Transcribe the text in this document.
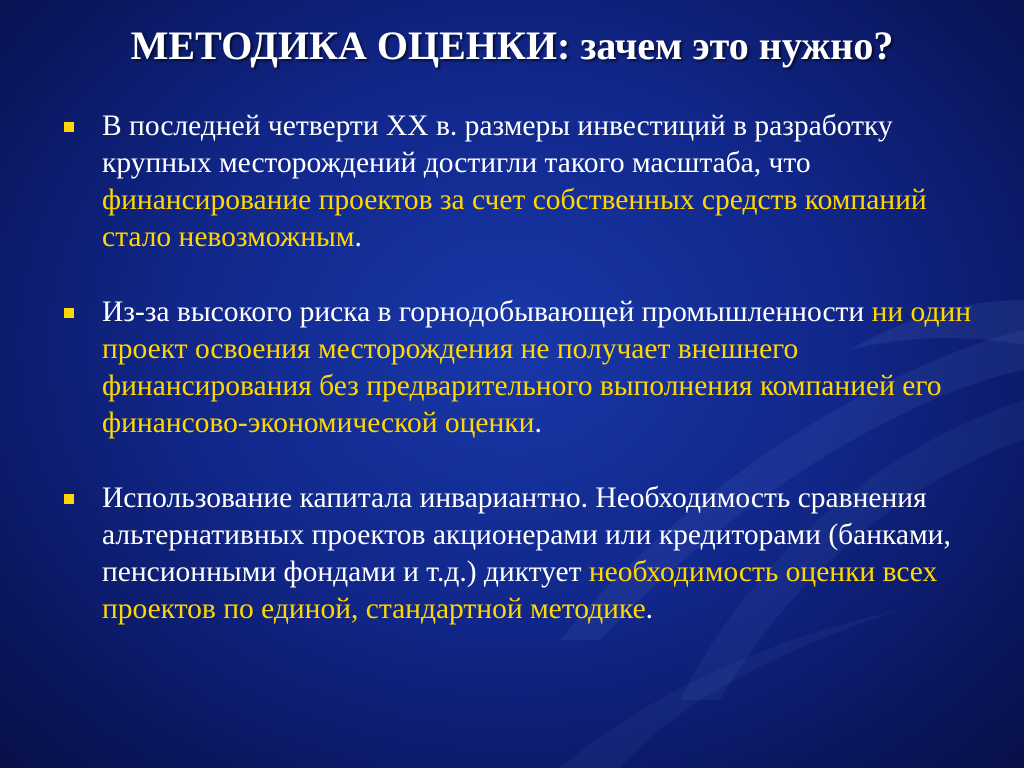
МЕТОДИКА ОЦЕНКИ: зачем это нужно?
В последней четверти XX в. размеры инвестиций в разработку крупных месторождений достигли такого масштаба, что финансирование проектов за счет собственных средств компаний стало невозможным.
Из-за высокого риска в горнодобывающей промышленности ни один проект освоения месторождения не получает внешнего финансирования без предварительного выполнения компанией его финансово-экономической оценки.
Использование капитала инвариантно. Необходимость сравнения альтернативных проектов акционерами или кредиторами (банками, пенсионными фондами и т.д.) диктует необходимость оценки всех проектов по единой, стандартной методике.
